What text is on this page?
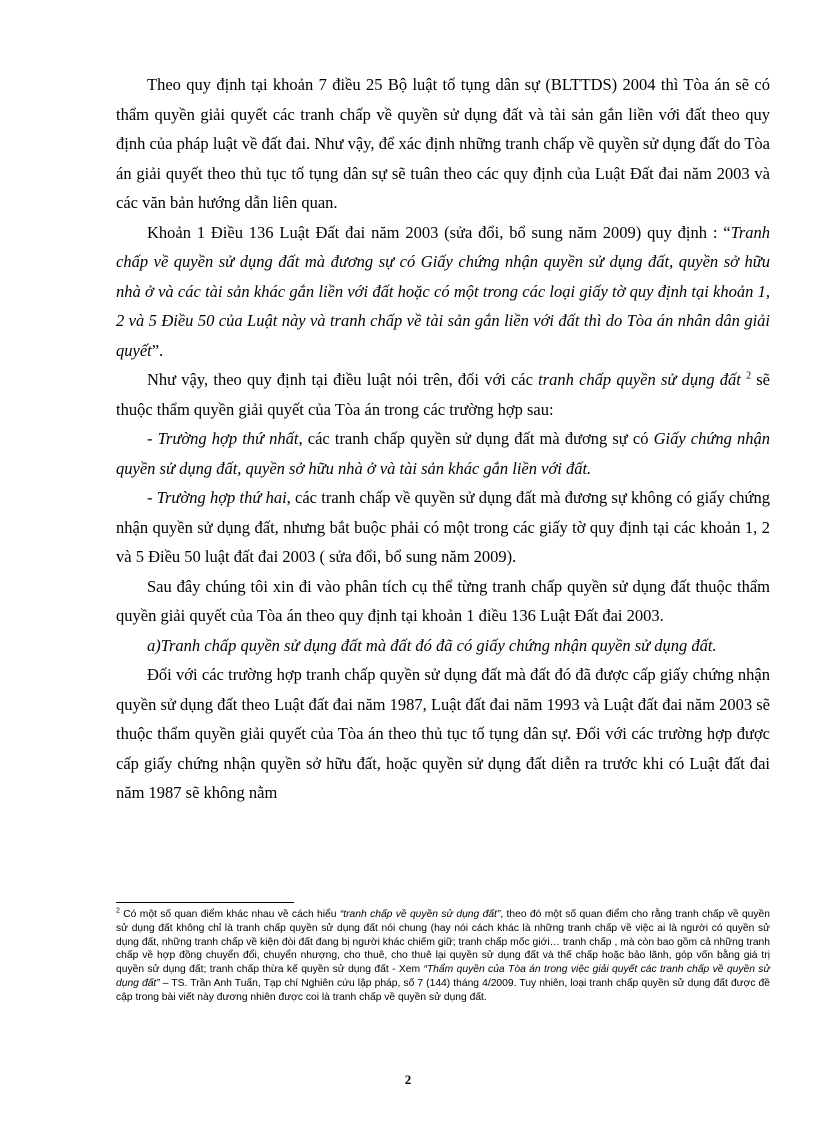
Theo quy định tại khoản 7 điều 25 Bộ luật tố tụng dân sự (BLTTDS) 2004 thì Tòa án sẽ có thẩm quyền giải quyết các tranh chấp về quyền sử dụng đất và tài sản gắn liền với đất theo quy định của pháp luật về đất đai. Như vậy, để xác định những tranh chấp về quyền sử dụng đất do Tòa án giải quyết theo thủ tục tố tụng dân sự sẽ tuân theo các quy định của Luật Đất đai năm 2003 và các văn bản hướng dẫn liên quan.

Khoản 1 Điều 136 Luật Đất đai năm 2003 (sửa đổi, bổ sung năm 2009) quy định : “Tranh chấp về quyền sử dụng đất mà đương sự có Giấy chứng nhận quyền sử dụng đất, quyền sở hữu nhà ở và các tài sản khác gắn liền với đất hoặc có một trong các loại giấy tờ quy định tại khoản 1, 2 và 5 Điều 50 của Luật này và tranh chấp về tài sản gắn liền với đất thì do Tòa án nhân dân giải quyết”.

Như vậy, theo quy định tại điều luật nói trên, đối với các tranh chấp quyền sử dụng đất $^2$ sẽ thuộc thẩm quyền giải quyết của Tòa án trong các trường hợp sau:

- Trường hợp thứ nhất, các tranh chấp quyền sử dụng đất mà đương sự có Giấy chứng nhận quyền sử dụng đất, quyền sở hữu nhà ở và tài sản khác gắn liền với đất.

- Trường hợp thứ hai, các tranh chấp về quyền sử dụng đất mà đương sự không có giấy chứng nhận quyền sử dụng đất, nhưng bắt buộc phải có một trong các giấy tờ quy định tại các khoản 1, 2 và 5 Điều 50 luật đất đai 2003 ( sửa đổi, bổ sung năm 2009).

Sau đây chúng tôi xin đi vào phân tích cụ thể từng tranh chấp quyền sử dụng đất thuộc thẩm quyền giải quyết của Tòa án theo quy định tại khoản 1 điều 136 Luật Đất đai 2003.

a)Tranh chấp quyền sử dụng đất mà đất đó đã có giấy chứng nhận quyền sử dụng đất.

Đối với các trường hợp tranh chấp quyền sử dụng đất mà đất đó đã được cấp giấy chứng nhận quyền sử dụng đất theo Luật đất đai năm 1987, Luật đất đai năm 1993 và Luật đất đai năm 2003 sẽ thuộc thẩm quyền giải quyết của Tòa án theo thủ tục tố tụng dân sự. Đối với các trường hợp được cấp giấy chứng nhận quyền sở hữu đất, hoặc quyền sử dụng đất diễn ra trước khi có Luật đất đai năm 1987 sẽ không nằm

$^2$ Có một số quan điểm khác nhau về cách hiểu “tranh chấp về quyền sử dụng đất”, theo đó một số quan điểm cho rằng tranh chấp về quyền sử dụng đất không chỉ là tranh chấp quyền sử dụng đất nói chung (hay nói cách khác là những tranh chấp về việc ai là người có quyền sử dụng đất, những tranh chấp về kiện đòi đất đang bị người khác chiếm giữ; tranh chấp mốc giới… tranh chấp , mà còn bao gồm cả những tranh chấp về hợp đồng chuyển đổi, chuyển nhượng, cho thuê, cho thuê lại quyền sử dụng đất và thế chấp hoặc bảo lãnh, góp vốn bằng giá trị quyền sử dụng đất; tranh chấp thừa kế quyền sử dụng đất - Xem “Thẩm quyền của Tòa án trong việc giải quyết các tranh chấp về quyền sử dụng đất” – TS. Trần Anh Tuấn, Tạp chí Nghiên cứu lập pháp, số 7 (144) tháng 4/2009. Tuy nhiên, loại tranh chấp quyền sử dụng đất được đề cập trong bài viết này đương nhiên được coi là tranh chấp về quyền sử dụng đất.
2
